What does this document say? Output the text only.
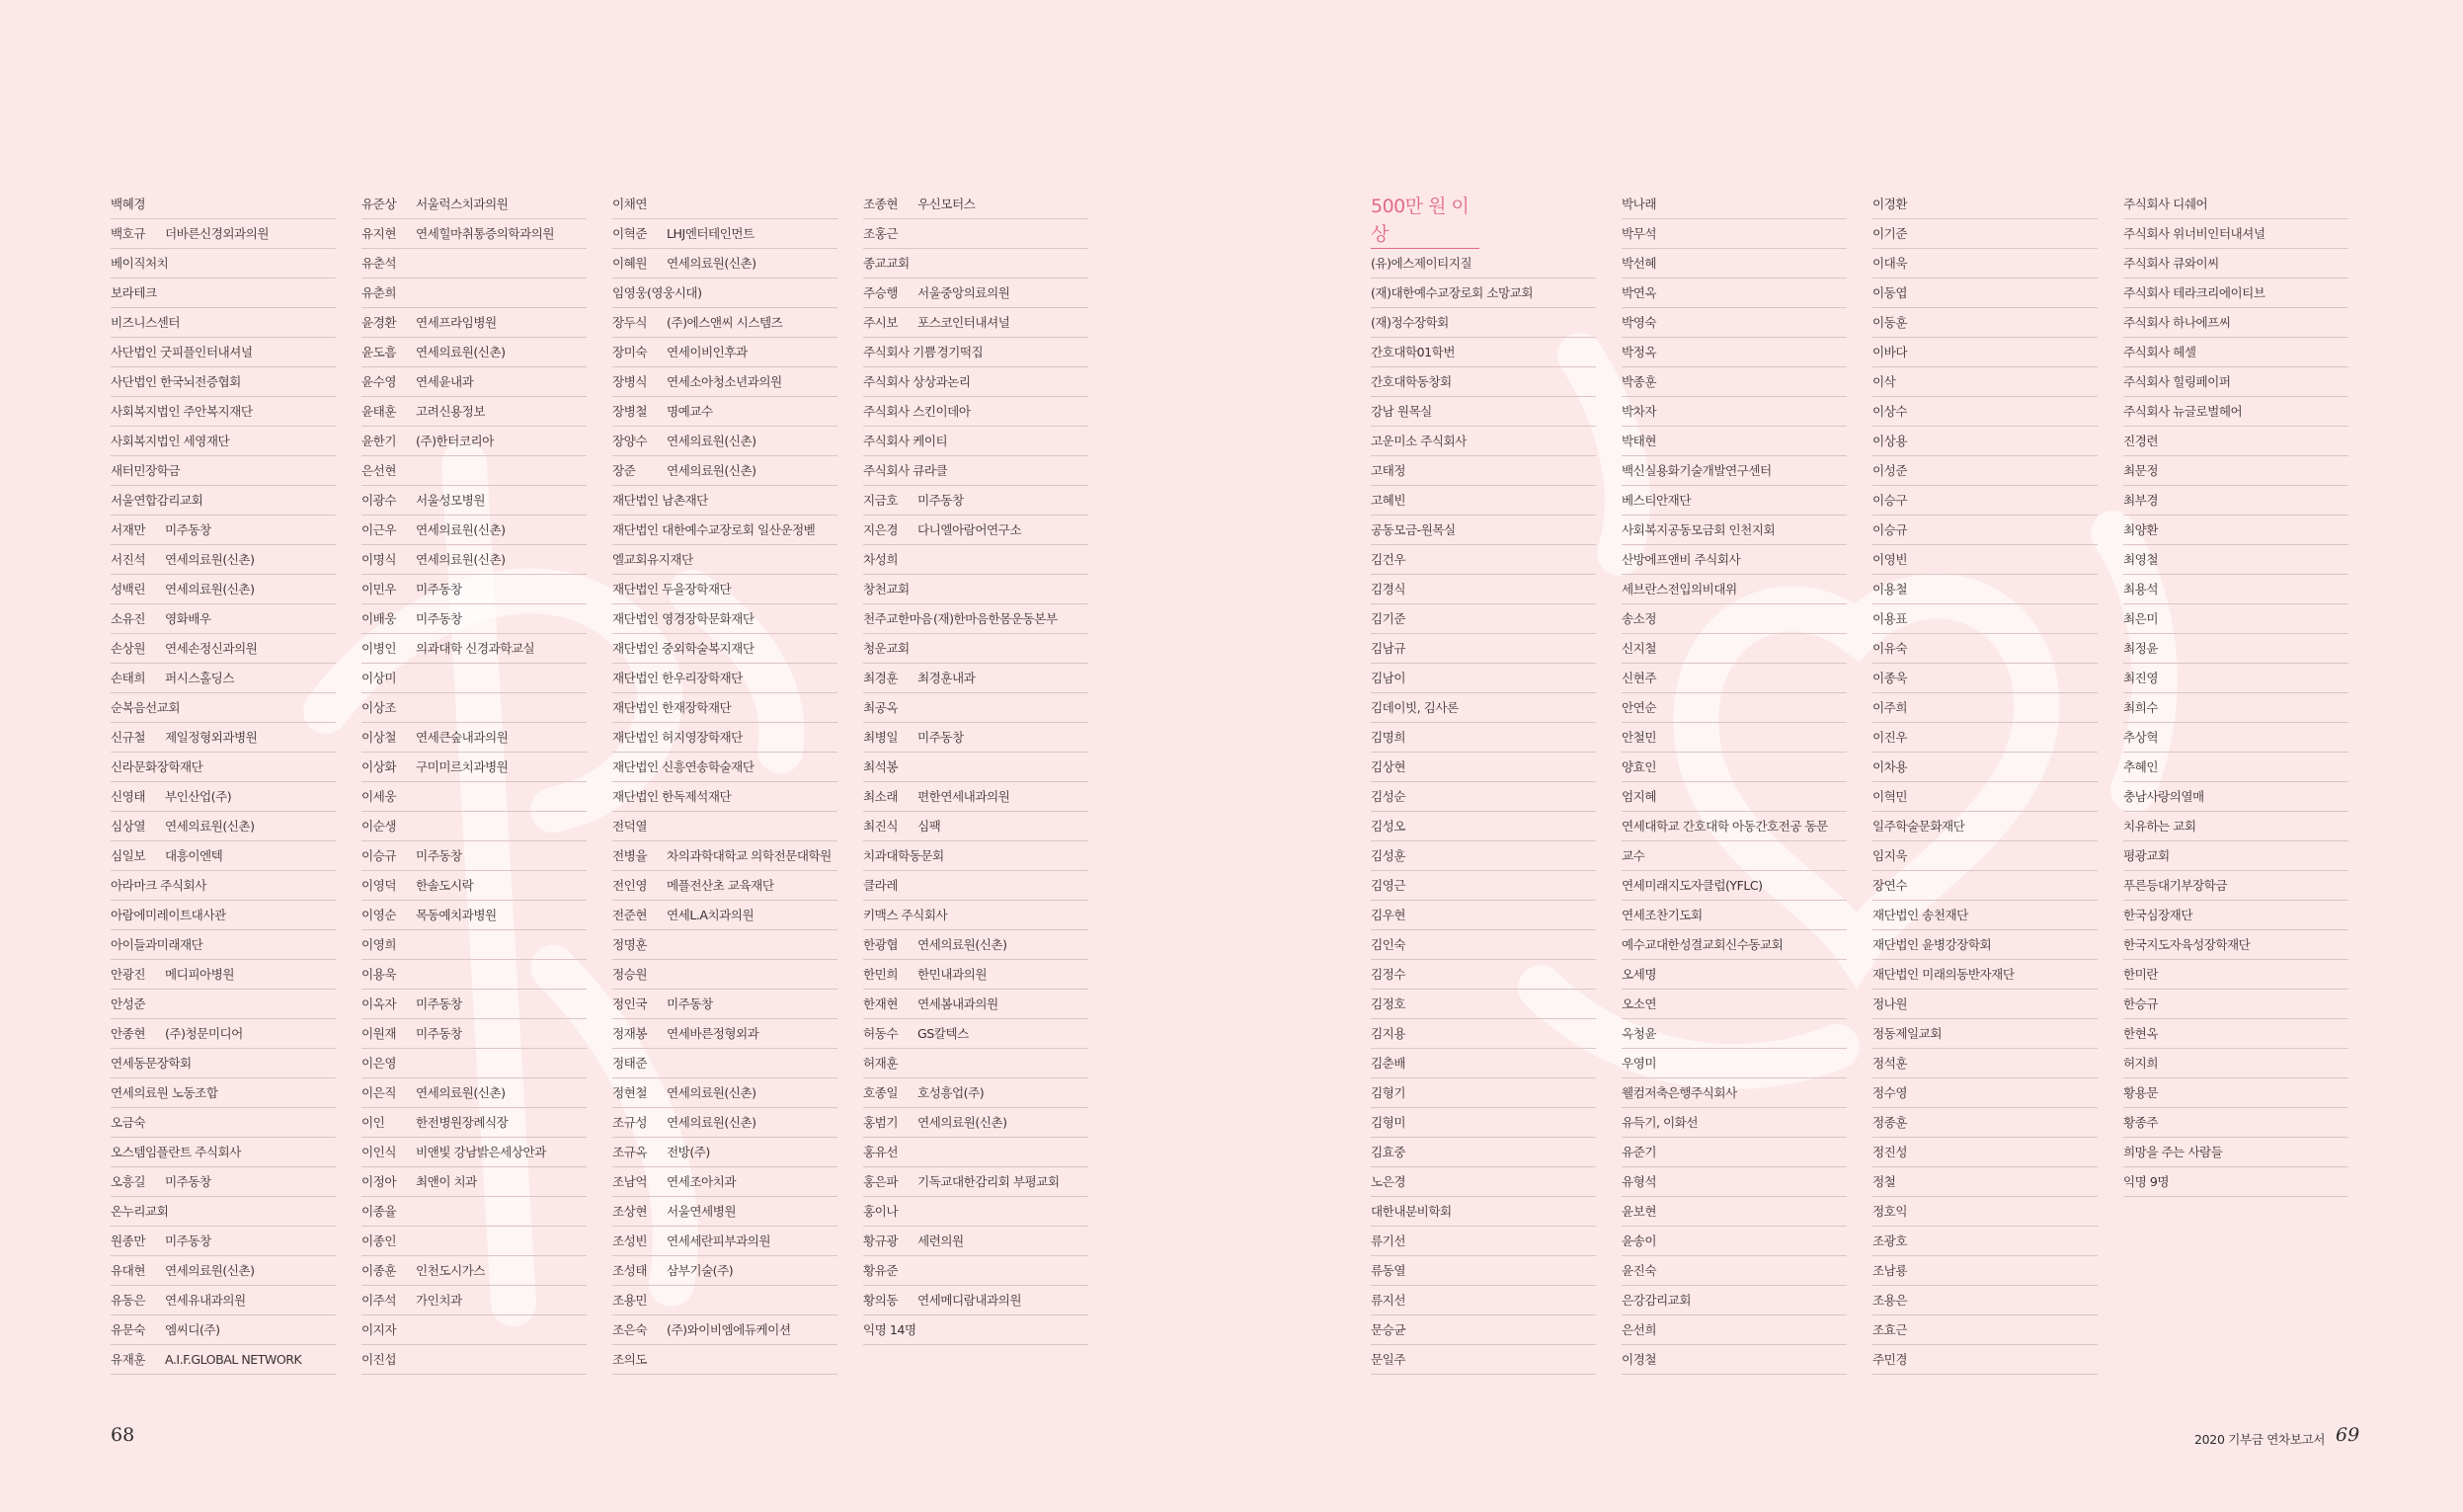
백혜경
백호규 더바른신경외과의원
베이직처치
보라테크
비즈니스센터
사단법인 굿피플인터내셔널
사단법인 한국뇌전증협회
사회복지법인 주안복지재단
사회복지법인 세영재단
새터민장학금
서울연합감리교회
서재만 미주동창
서진석 연세의료원(신촌)
성백린 연세의료원(신촌)
소유진 영화배우
손상원 연세손정신과의원
손태희 퍼시스홀딩스
순복음선교회
신규철 제일정형외과병원
신라문화장학재단
신영태 부인산업(주)
심상열 연세의료원(신촌)
심일보 대흥이엔텍
아라마크 주식회사
아람에미레이트대사관
아이들과미래재단
안광진 메디피아병원
안성준
안종현 (주)청문미디어
연세동문장학회
연세의료원 노동조합
오금숙
오스템임플란트 주식회사
오흥길 미주동창
온누리교회
원종만 미주동창
유대현 연세의료원(신촌)
유동은 연세유내과의원
유문숙 엠씨디(주)
유재훈 A.I.F.GLOBAL NETWORK
유준상 서울럭스치과의원
유지현 연세힐마취통증의학과의원
유춘석
유춘희
윤경환 연세프라임병원
윤도흠 연세의료원(신촌)
윤수영 연세윤내과
윤태훈 고려신용정보
윤한기 (주)한터코리아
은선현
이광수 서울성모병원
이근우 연세의료원(신촌)
이명식 연세의료원(신촌)
이민우 미주동창
이배웅 미주동창
이병인 의과대학 신경과학교실
이상미
이상조
이상철 연세큰숲내과의원
이상화 구미미르치과병원
이세웅
이순생
이승규 미주동창
이영덕 한솔도시락
이영순 목동예치과병원
이영희
이용욱
이옥자 미주동창
이원재 미주동창
이은영
이은직 연세의료원(신촌)
이인	한전병원장례식장
이인식 비앤빛 강남밝은세상안과
이정아 최앤이 치과
이종율
이종인
이종훈 인천도시가스
이주석 가인치과
이지자
이진섭
이채연
이혁준 LHJ엔터테인먼트
이혜원 연세의료원(신촌)
임영웅(영웅시대)
장두식 (주)에스앤씨 시스템즈
장미숙 연세이비인후과
장병식 연세소아청소년과의원
장병철 명예교수
장양수 연세의료원(신촌)
장준	연세의료원(신촌)
재단법인 남촌재단
재단법인 대한예수교장로회 일산운정벧
엘교회유지재단
재단법인 두을장학재단
재단법인 영경장학문화재단
재단법인 중외학술복지재단
재단법인 한우리장학재단
재단법인 한재장학재단
재단법인 허지영장학재단
재단법인 신흥연송학술재단
재단법인 한독제석재단
전덕열
전병율 차의과학대학교 의학전문대학원
전인영 메플전산초 교육재단
전준현 연세L.A치과의원
정명훈
정승원
정인국 미주동창
정재봉 연세바른정형외과
정태준
정현철 연세의료원(신촌)
조규성 연세의료원(신촌)
조규옥 전방(주)
조남억 연세조아치과
조상현 서울연세병원
조성빈 연세세란피부과의원
조성태 삼부기술(주)
조용민
조은숙 (주)와이비엠에듀케이션
조의도
조종현 우신모터스
조홍근
종교교회
주승행 서울중앙의료의원
주시보 포스코인터내셔널
주식회사 기쁨경기떡집
주식회사 상상과논리
주식회사 스킨이데아
주식회사 케이티
주식회사 큐라클
지금호 미주동창
지은경 다니엘아람어연구소
차성희
창천교회
천주교한마음(재)한마음한몸운동본부
청운교회
최경훈 최경훈내과
최공옥
최병일 미주동창
최석봉
최소래 편한연세내과의원
최진식 심팩
치과대학동문회
클라레
키맥스 주식회사
한광협 연세의료원(신촌)
한민희 한민내과의원
한재현 연세봄내과의원
허동수 GS칼텍스
허재훈
호종일 호성흥업(주)
홍범기 연세의료원(신촌)
홍유선
홍은파 기독교대한감리회 부평교회
홍이나
황규광 세련의원
황유준
황의동 연세메디람내과의원
익명 14명
500만 원 이상
(유)에스제이티지질
(재)대한예수교장로회 소망교회
(재)정수장학회
간호대학01학번
간호대학동창회
강남 원목실
고운미소 주식회사
고태정
고혜빈
공동모금-원목실
김건우
김경식
김기준
김남규
김남이
김데이빗, 김사론
김명희
김상현
김성순
김성오
김성훈
김영근
김우현
김인숙
김정수
김정호
김지용
김춘배
김형기
김형미
김효중
노은경
대한내분비학회
류기선
류동열
류지선
문승균
문일주
박나래
박무석
박선혜
박연옥
박영숙
박정옥
박종훈
박차자
박태현
백신실용화기술개발연구센터
베스티안재단
사회복지공동모금회 인천지회
산방에프앤비 주식회사
세브란스전입의비대위
송소정
신지철
신현주
안연순
안철민
양효인
엄지혜
연세대학교 간호대학 아동간호전공 동문
교수
연세미래지도자클럽(YFLC)
연세조찬기도회
예수교대한성결교회신수동교회
오세명
오소연
옥청윤
우영미
웰컴저축은행주식회사
유득기, 이화선
유준기
유형석
윤보현
윤송이
윤진숙
은강감리교회
은선희
이경철
이경환
이기준
이대욱
이동엽
이동훈
이바다
이삭
이상수
이상용
이성준
이승구
이승규
이영빈
이용철
이용표
이유숙
이종욱
이주희
이진우
이차용
이혁민
일주학술문화재단
임지욱
장연수
재단법인 송천재단
재단법인 윤병강장학회
재단법인 미래의동반자재단
정나원
정동제일교회
정석훈
정수영
정종훈
정진성
정철
정호익
조광호
조남룡
조용은
조효근
주민경
주식회사 디쉐어
주식회사 위너비인터내셔널
주식회사 큐와이씨
주식회사 테라크리에이티브
주식회사 하나에프씨
주식회사 헤셀
주식회사 힐링페이퍼
주식회사 뉴글로벌헤어
진경련
최문정
최부경
최양환
최영철
최용석
최은미
최정윤
최진영
최희수
추상혁
추혜인
충남사랑의열매
치유하는 교회
평광교회
푸른등대기부장학금
한국심장재단
한국지도자육성장학재단
한미란
한승규
한현옥
허지희
황용문
황종주
희망을 주는 사람들
익명 9명
68	2020 기부금 연차보고서 69
